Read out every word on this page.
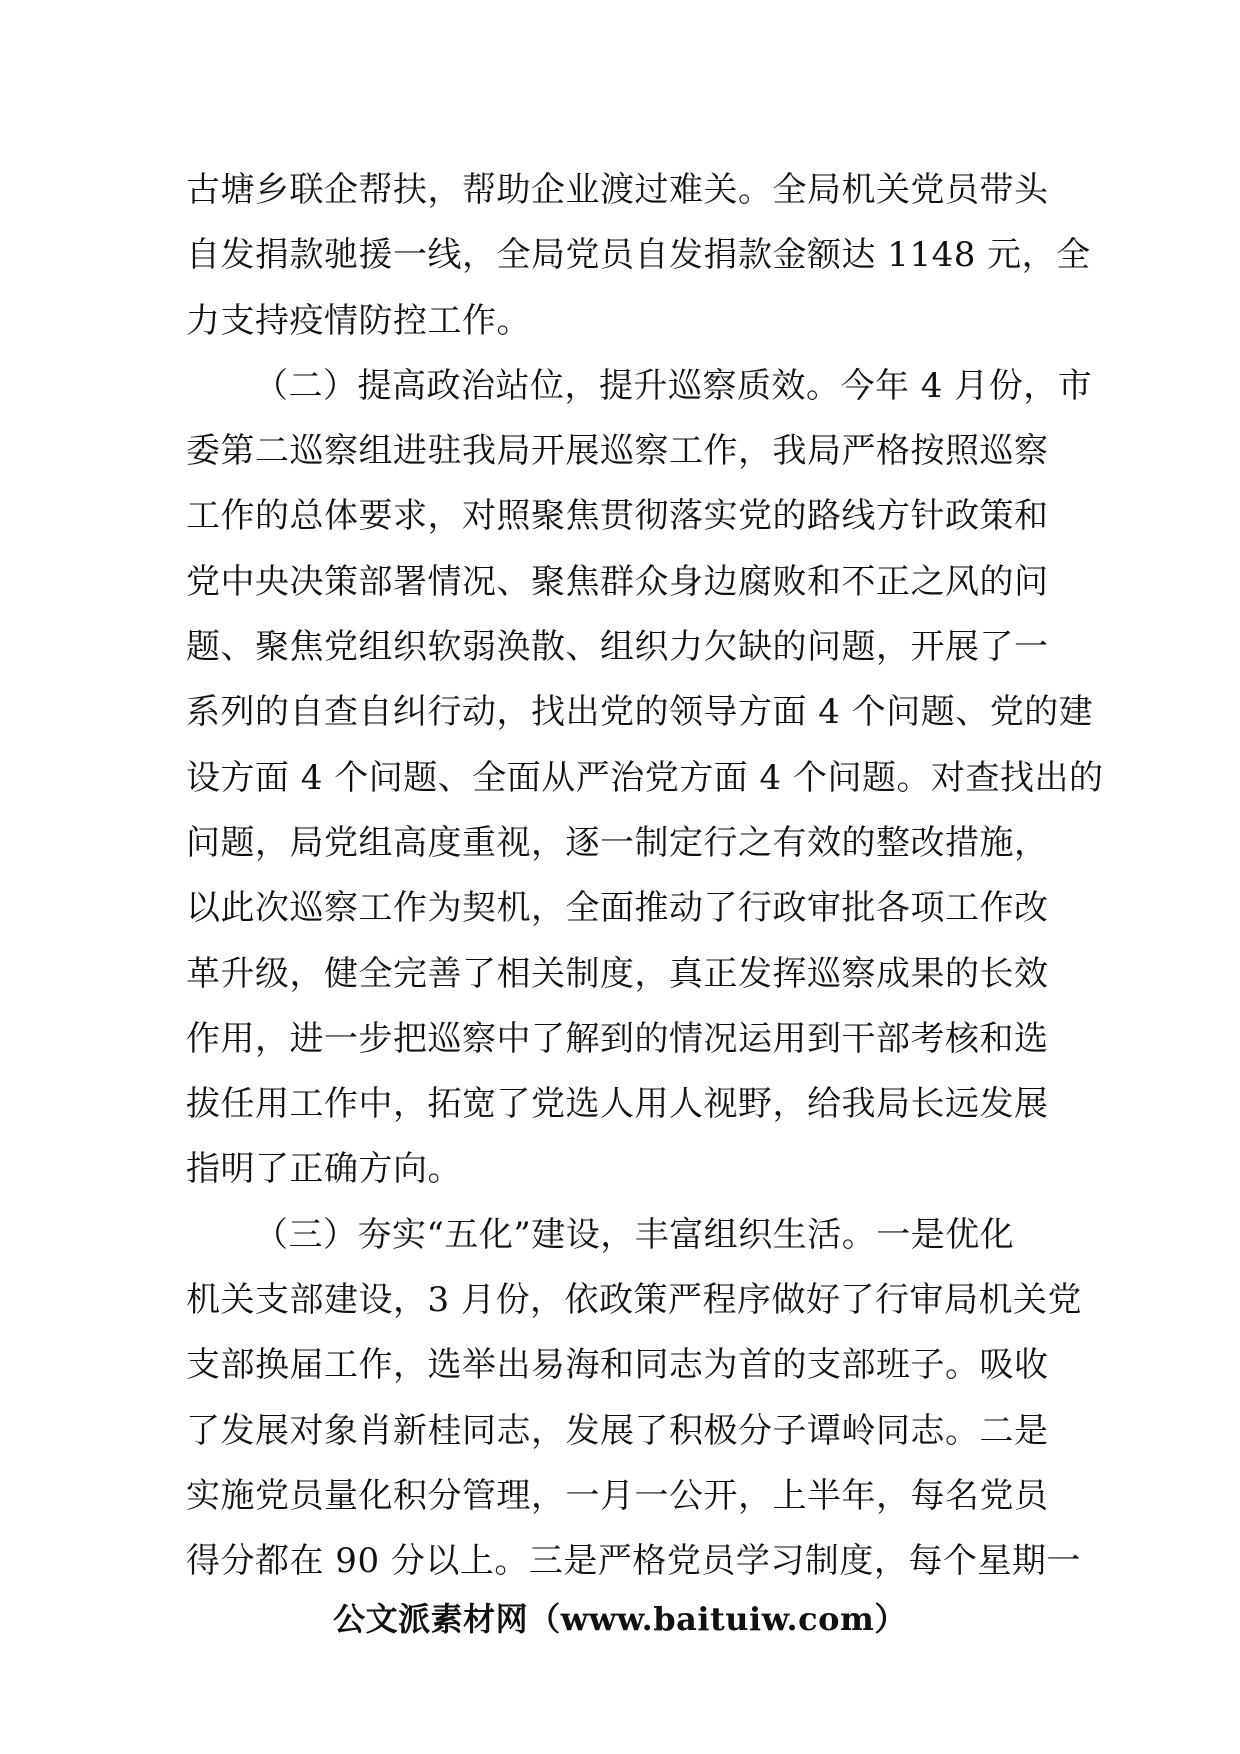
古塘乡联企帮扶，帮助企业渡过难关。全局机关党员带头
自发捐款驰援一线，全局党员自发捐款金额达 1148 元，全
力支持疫情防控工作。
（二）提高政治站位，提升巡察质效。今年 4 月份，市
委第二巡察组进驻我局开展巡察工作，我局严格按照巡察
工作的总体要求，对照聚焦贯彻落实党的路线方针政策和
党中央决策部署情况、聚焦群众身边腐败和不正之风的问
题、聚焦党组织软弱涣散、组织力欠缺的问题，开展了一
系列的自查自纠行动，找出党的领导方面 4 个问题、党的建
设方面 4 个问题、全面从严治党方面 4 个问题。对查找出的
问题，局党组高度重视，逐一制定行之有效的整改措施，
以此次巡察工作为契机，全面推动了行政审批各项工作改
革升级，健全完善了相关制度，真正发挥巡察成果的长效
作用，进一步把巡察中了解到的情况运用到干部考核和选
拔任用工作中，拓宽了党选人用人视野，给我局长远发展
指明了正确方向。
（三）夯实“五化”建设，丰富组织生活。一是优化
机关支部建设，3 月份，依政策严程序做好了行审局机关党
支部换届工作，选举出易海和同志为首的支部班子。吸收
了发展对象肖新桂同志，发展了积极分子谭岭同志。二是
实施党员量化积分管理，一月一公开，上半年，每名党员
得分都在 90 分以上。三是严格党员学习制度，每个星期一
公文派素材网（www.baituiw.com）
